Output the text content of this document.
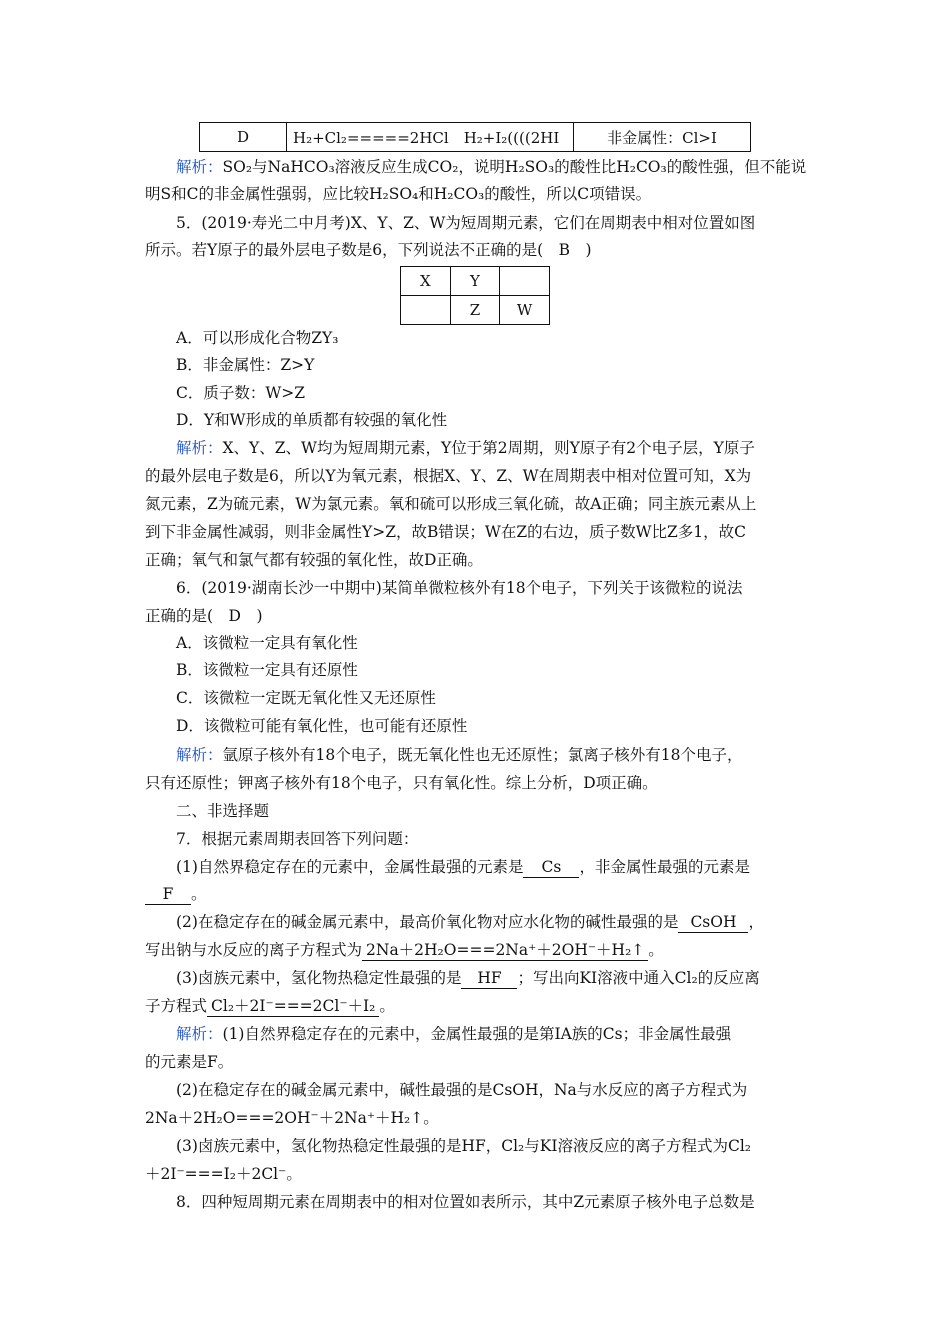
D	H₂+Cl₂=====2HCl　H₂+I₂((((2HI	非金属性：Cl>I
解析：SO₂与NaHCO₃溶液反应生成CO₂，说明H₂SO₃的酸性比H₂CO₃的酸性强，但不能说
明S和C的非金属性强弱，应比较H₂SO₄和H₂CO₃的酸性，所以C项错误。
5．(2019·寿光二中月考)X、Y、Z、W为短周期元素，它们在周期表中相对位置如图
所示。若Y原子的最外层电子数是6，下列说法不正确的是(　B　)
X	Y	
	Z	W
A．可以形成化合物ZY₃
B．非金属性：Z>Y
C．质子数：W>Z
D．Y和W形成的单质都有较强的氧化性
解析：X、Y、Z、W均为短周期元素，Y位于第2周期，则Y原子有2个电子层，Y原子
的最外层电子数是6，所以Y为氧元素，根据X、Y、Z、W在周期表中相对位置可知，X为
氮元素，Z为硫元素，W为氯元素。氧和硫可以形成三氧化硫，故A正确；同主族元素从上
到下非金属性减弱，则非金属性Y>Z，故B错误；W在Z的右边，质子数W比Z多1，故C
正确；氧气和氯气都有较强的氧化性，故D正确。
6．(2019·湖南长沙一中期中)某简单微粒核外有18个电子，下列关于该微粒的说法
正确的是(　D　)
A．该微粒一定具有氧化性
B．该微粒一定具有还原性
C．该微粒一定既无氧化性又无还原性
D．该微粒可能有氧化性，也可能有还原性
解析：氩原子核外有18个电子，既无氧化性也无还原性；氯离子核外有18个电子，
只有还原性；钾离子核外有18个电子，只有氧化性。综上分析，D项正确。
二、非选择题
7．根据元素周期表回答下列问题：
(1)自然界稳定存在的元素中，金属性最强的元素是 Cs ，非金属性最强的元素是
F 。
(2)在稳定存在的碱金属元素中，最高价氧化物对应水化物的碱性最强的是 CsOH ，
写出钠与水反应的离子方程式为 2Na＋2H₂O===2Na⁺＋2OH⁻＋H₂↑ 。
(3)卤族元素中，氢化物热稳定性最强的是 HF ；写出向KI溶液中通入Cl₂的反应离
子方程式 Cl₂＋2I⁻===2Cl⁻＋I₂ 。
解析：(1)自然界稳定存在的元素中，金属性最强的是第ⅠA族的Cs；非金属性最强
的元素是F。
(2)在稳定存在的碱金属元素中，碱性最强的是CsOH，Na与水反应的离子方程式为
2Na＋2H₂O===2OH⁻＋2Na⁺＋H₂↑。
(3)卤族元素中，氢化物热稳定性最强的是HF，Cl₂与KI溶液反应的离子方程式为Cl₂
＋2I⁻===I₂＋2Cl⁻。
8．四种短周期元素在周期表中的相对位置如表所示，其中Z元素原子核外电子总数是
